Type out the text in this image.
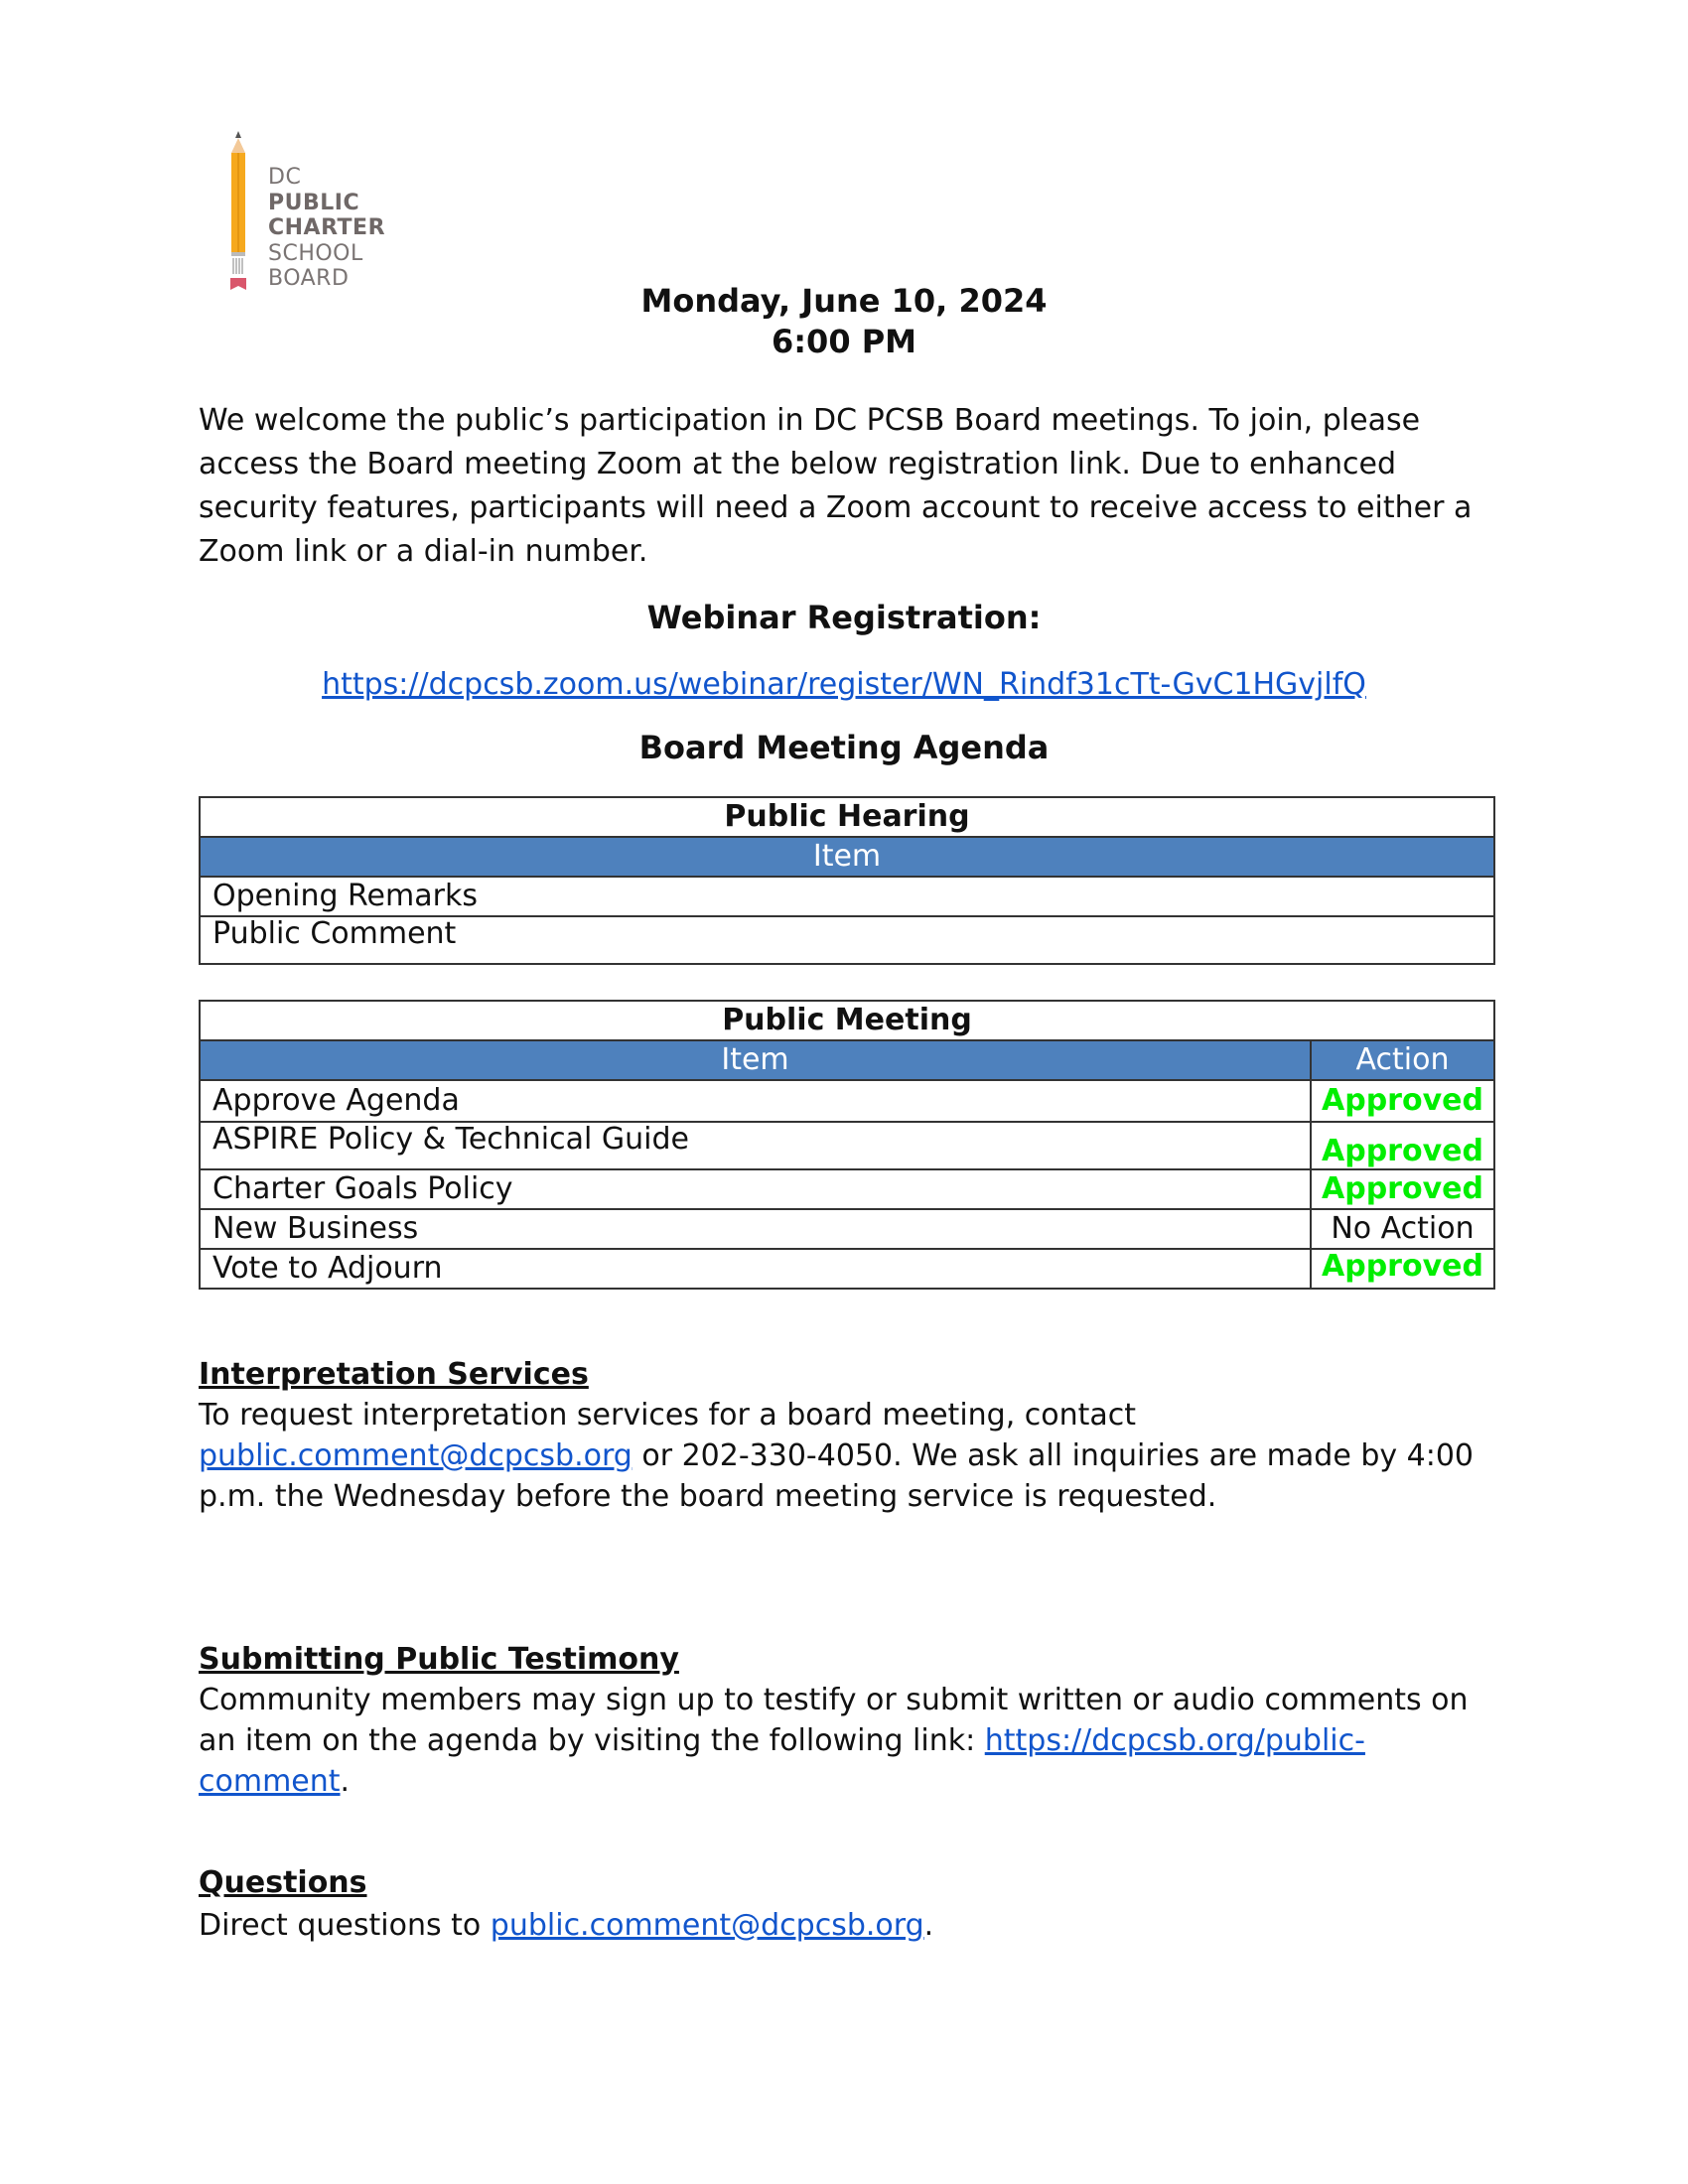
DC
PUBLIC
CHARTER
SCHOOL
BOARD
Monday, June 10, 2024
6:00 PM
We welcome the public’s participation in DC PCSB Board meetings. To join, please access the Board meeting Zoom at the below registration link. Due to enhanced security features, participants will need a Zoom account to receive access to either a Zoom link or a dial-in number.
Webinar Registration:
https://dcpcsb.zoom.us/webinar/register/WN_Rindf31cTt-GvC1HGvjlfQ
Board Meeting Agenda
Public Hearing
Item
Opening Remarks
Public Comment
Public Meeting	
Item	Action
Approve Agenda	Approved
ASPIRE Policy & Technical Guide	Approved
Charter Goals Policy	Approved
New Business	No Action
Vote to Adjourn	Approved
Interpretation Services
To request interpretation services for a board meeting, contact public.comment@dcpcsb.org or 202-330-4050. We ask all inquiries are made by 4:00 p.m. the Wednesday before the board meeting service is requested.
Submitting Public Testimony
Community members may sign up to testify or submit written or audio comments on an item on the agenda by visiting the following link: https://dcpcsb.org/public-comment.
Questions
Direct questions to public.comment@dcpcsb.org.
